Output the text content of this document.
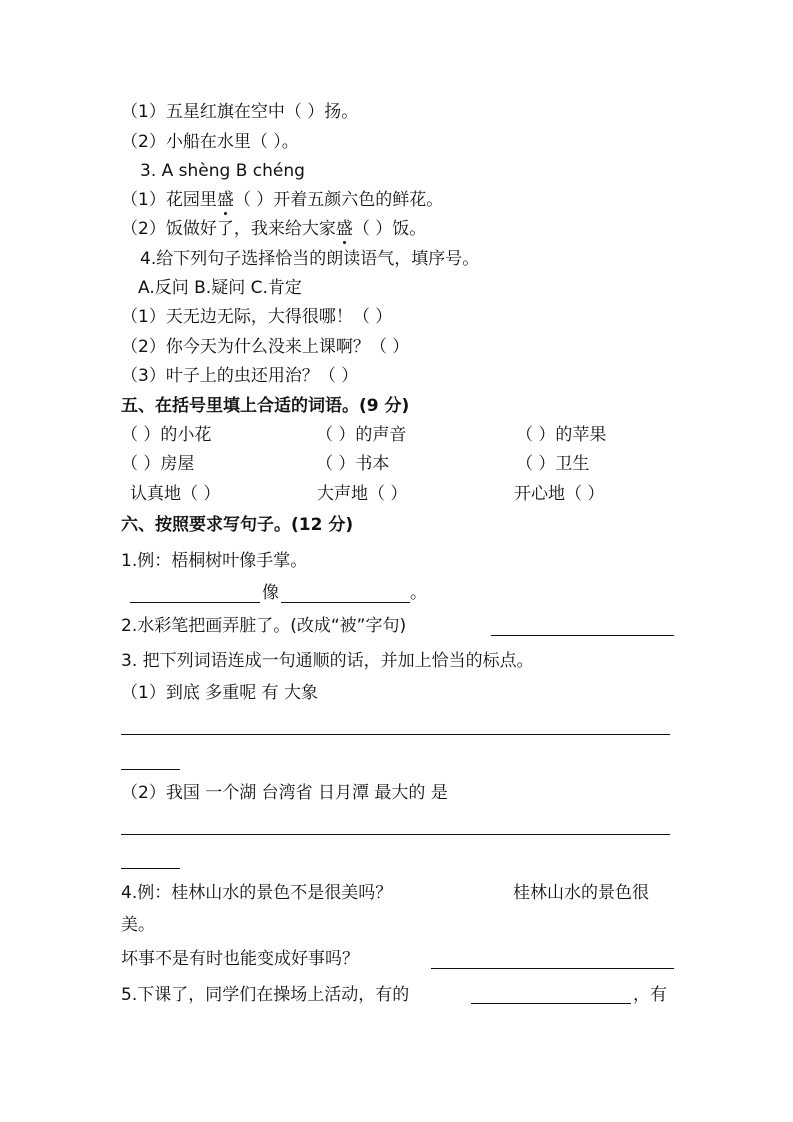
（1）五星红旗在空中（ ）扬。
（2）小船在水里（ ）。
3. A shèng B chéng
（1）花园里盛（ ）开着五颜六色的鲜花。
（2）饭做好了，我来给大家盛（ ）饭。
4.给下列句子选择恰当的朗读语气，填序号。
A.反问 B.疑问 C.肯定
（1）天无边无际，大得很哪！（ ）
（2）你今天为什么没来上课啊？（ ）
（3）叶子上的虫还用治？（ ）
五、在括号里填上合适的词语。(9 分)
（ ）的小花	（ ）的声音	（ ）的苹果
（ ）房屋	（ ）书本	（ ）卫生
认真地（ ）	大声地（ ）	开心地（ ）
六、按照要求写句子。(12 分)
1.例：梧桐树叶像手掌。
像	。
2.水彩笔把画弄脏了。(改成“被”字句)
3. 把下列词语连成一句通顺的话，并加上恰当的标点。
（1）到底 多重呢 有 大象
（2）我国 一个湖 台湾省 日月潭 最大的 是
4.例：桂林山水的景色不是很美吗？	桂林山水的景色很
美。
坏事不是有时也能变成好事吗？
5.下课了，同学们在操场上活动，有的	，有
